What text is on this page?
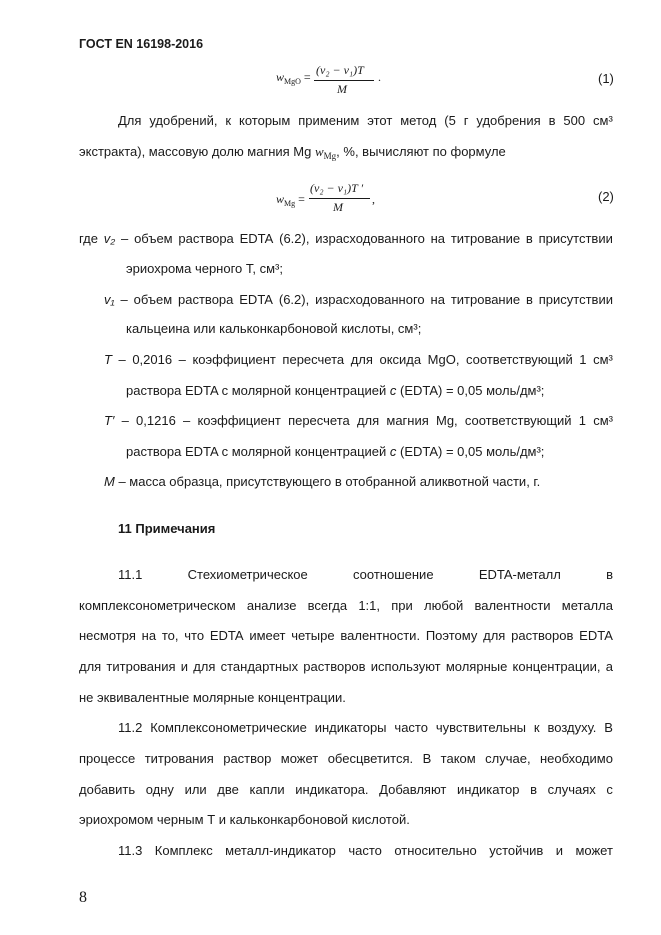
ГОСТ EN 16198-2016
$w_{MgO} = (v_2 - v_1)T$
M
.	(1)
Для удобрений, к которым применим этот метод (5 г удобрения в 500 см³
экстракта), массовую долю магния Mg $w_{Mg}$, %, вычисляют по формуле
$w_{Mg}$ =
(v₂ − v₁)T ′
M
,	(2)
где v₂ – объем раствора EDTA (6.2), израсходованного на титрование в присутствии
эриохрома черного Т, см³;
v₁ – объем раствора EDTA (6.2), израсходованного на титрование в присутствии
кальцеина или кальконкарбоновой кислоты, см³;
T – 0,2016 – коэффициент пересчета для оксида MgO, соответствующий 1 см³
раствора EDTA с молярной концентрацией c (EDTA) = 0,05 моль/дм³;
T′ – 0,1216 – коэффициент пересчета для магния Mg, соответствующий 1 см³
раствора EDTA с молярной концентрацией c (EDTA) = 0,05 моль/дм³;
M – масса образца, присутствующего в отобранной аликвотной части, г.
11 Примечания
11.1	Стехиометрическое	соотношение	EDTA-металл	в
комплексонометрическом анализе всегда 1:1, при любой валентности металла
несмотря на то, что EDTA имеет четыре валентности. Поэтому для растворов EDTA
для титрования и для стандартных растворов используют молярные концентрации, а
не эквивалентные молярные концентрации.
11.2 Комплексонометрические индикаторы часто чувствительны к воздуху. В
процессе титрования раствор может обесцветится. В таком случае, необходимо
добавить одну или две капли индикатора. Добавляют индикатор в случаях с
эриохромом черным Т и кальконкарбоновой кислотой.
11.3 Комплекс металл-индикатор часто относительно устойчив и может
8
